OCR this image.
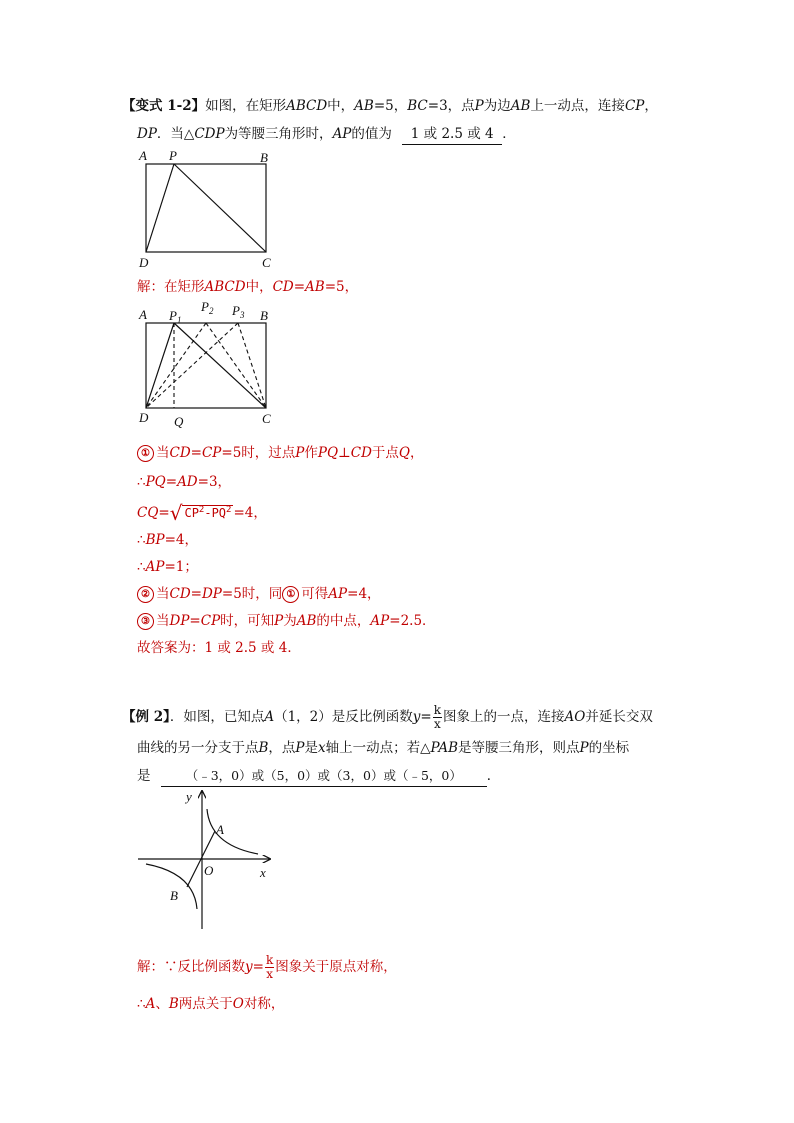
【变式 1-2】如图，在矩形ABCD中，AB=5，BC=3，点P为边AB上一动点，连接CP，
DP．当△CDP为等腰三角形时，AP的值为 1 或 2.5 或 4 ．
A P	B
D	C
解：在矩形ABCD中，CD=AB=5，
A $P_1$
$P_2$ $P_3$ B
D Q	C
① 当CD=CP=5时，过点P作PQ⊥CD于点Q，
∴PQ=AD=3，
CQ=√ $CP^2-PQ^2 =4$，
∴BP=4，
∴AP=1；
② 当CD=DP=5时，同 ① 可得AP=4，
③ 当DP=CP时，可知P为AB的中点，AP=2.5．
故答案为：1 或 2.5 或 4．
【例 2】．如图，已知点A（1，2）是反比例函数$y= \frac{k}{x}$ 图象上的一点，连接AO并延长交双
曲线的另一分支于点B，点P是x轴上一动点；若△PAB是等腰三角形，则点P的坐标
是	（﹣3，0）或（5，0）或（3，0）或（﹣5，0） ．
y
A
O	x
B
解：∵反比例函数$y= \frac{k}{x}$ 图象关于原点对称，
∴A、B两点关于O对称，
